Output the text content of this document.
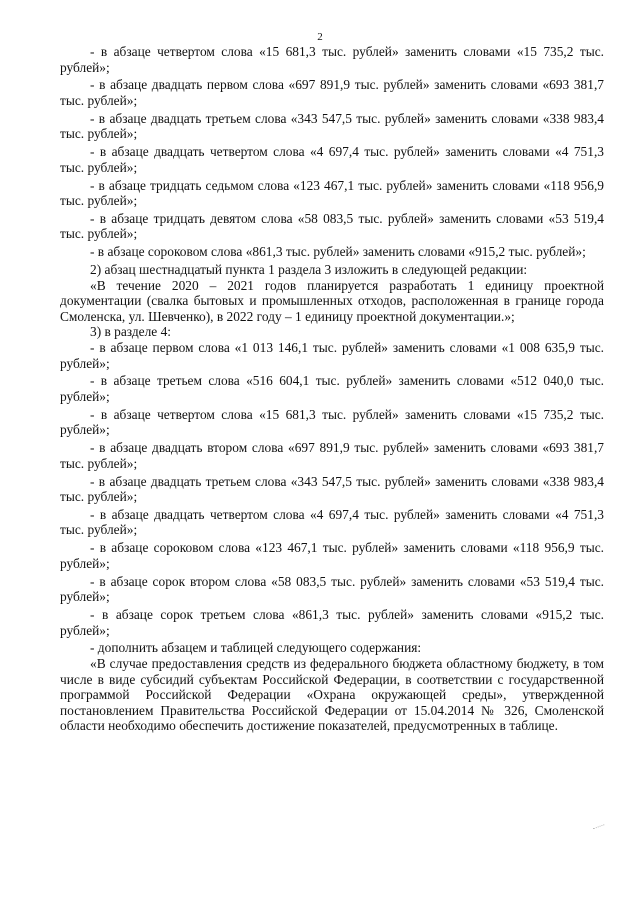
2

- в абзаце четвертом слова «15 681,3 тыс. рублей» заменить словами «15 735,2 тыс. рублей»;

- в абзаце двадцать первом слова «697 891,9 тыс. рублей» заменить словами «693 381,7 тыс. рублей»;

- в абзаце двадцать третьем слова «343 547,5 тыс. рублей» заменить словами «338 983,4 тыс. рублей»;

- в абзаце двадцать четвертом слова «4 697,4 тыс. рублей» заменить словами «4 751,3 тыс. рублей»;

- в абзаце тридцать седьмом слова «123 467,1 тыс. рублей» заменить словами «118 956,9 тыс. рублей»;

- в абзаце тридцать девятом слова «58 083,5 тыс. рублей» заменить словами «53 519,4 тыс. рублей»;

- в абзаце сороковом слова «861,3 тыс. рублей» заменить словами «915,2 тыс. рублей»;

2) абзац шестнадцатый пункта 1 раздела 3 изложить в следующей редакции:

«В течение 2020 – 2021 годов планируется разработать 1 единицу проектной документации (свалка бытовых и промышленных отходов, расположенная в границе города Смоленска, ул. Шевченко), в 2022 году – 1 единицу проектной документации.»;

3) в разделе 4:

- в абзаце первом слова «1 013 146,1 тыс. рублей» заменить словами «1 008 635,9 тыс. рублей»;

- в абзаце третьем слова «516 604,1 тыс. рублей» заменить словами «512 040,0 тыс. рублей»;

- в абзаце четвертом слова «15 681,3 тыс. рублей» заменить словами «15 735,2 тыс. рублей»;

- в абзаце двадцать втором слова «697 891,9 тыс. рублей» заменить словами «693 381,7 тыс. рублей»;

- в абзаце двадцать третьем слова «343 547,5 тыс. рублей» заменить словами «338 983,4 тыс. рублей»;

- в абзаце двадцать четвертом слова «4 697,4 тыс. рублей» заменить словами «4 751,3 тыс. рублей»;

- в абзаце сороковом слова «123 467,1 тыс. рублей» заменить словами «118 956,9 тыс. рублей»;

- в абзаце сорок втором слова «58 083,5 тыс. рублей» заменить словами «53 519,4 тыс. рублей»;

- в абзаце сорок третьем слова «861,3 тыс. рублей» заменить словами «915,2 тыс. рублей»;

- дополнить абзацем и таблицей следующего содержания:

«В случае предоставления средств из федерального бюджета областному бюджету, в том числе в виде субсидий субъектам Российской Федерации, в соответствии с государственной программой Российской Федерации «Охрана окружающей среды», утвержденной постановлением Правительства Российской Федерации от 15.04.2014 № 326, Смоленской области необходимо обеспечить достижение показателей, предусмотренных в таблице.
